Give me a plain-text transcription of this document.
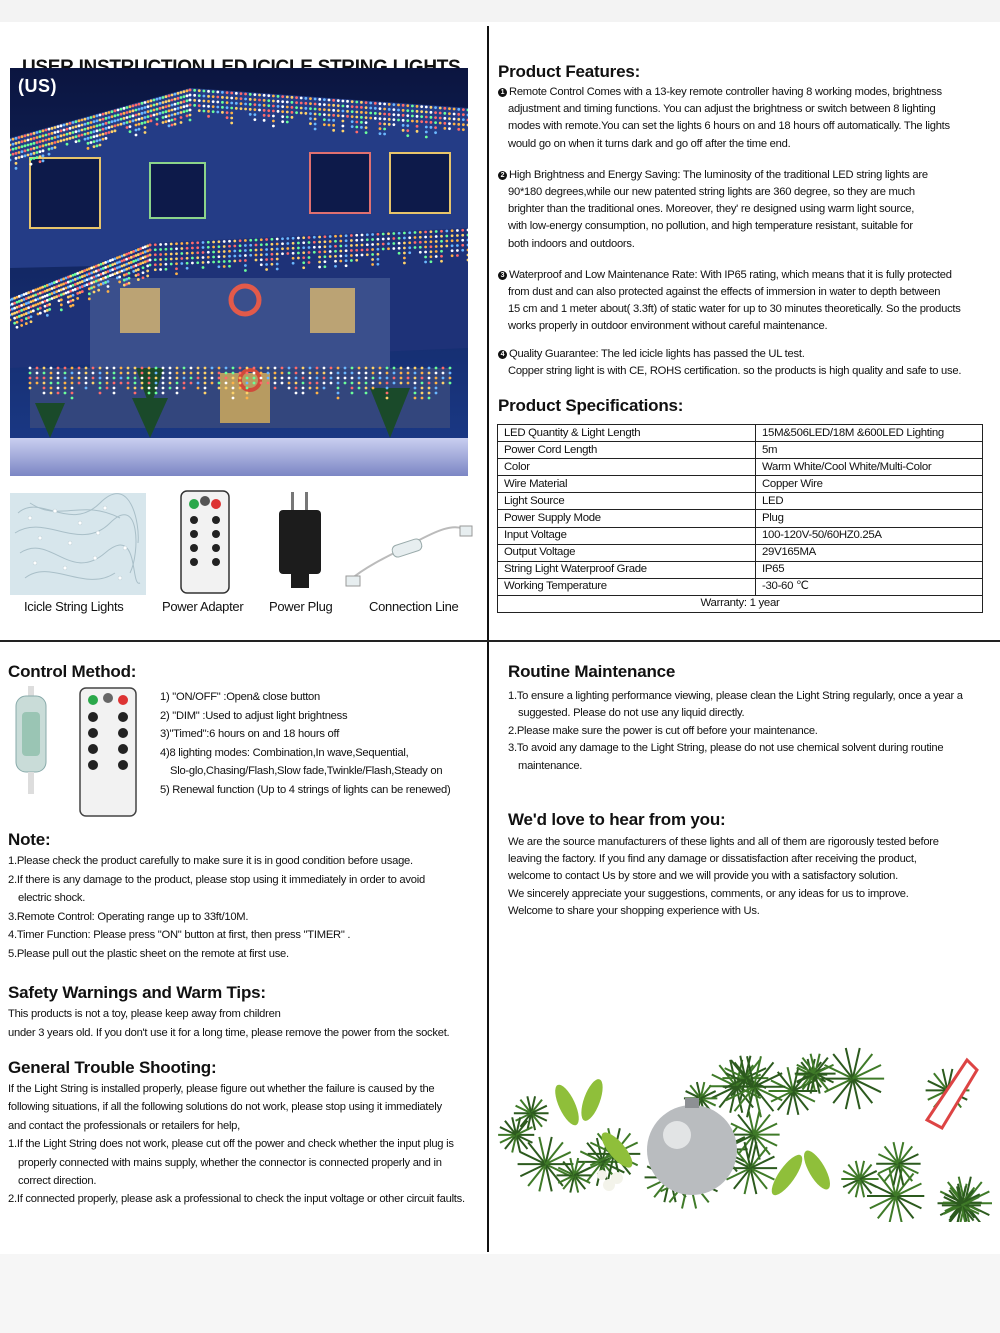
(US)
Icicle String Lights	Power Adapter Power Plug	Connection Line
Product Features:

1 Remote Control Comes with a 13-key remote controller having 8 working modes, brightness

adjustment and timing functions. You can adjust the brightness or switch between 8 lighting

modes with remote.You can set the lights 6 hours on and 18 hours off automatically. The lights

would go on when it turns dark and go off after the time end.

2 High Brightness and Energy Saving: The luminosity of the traditional LED string lights are

90*180 degrees,while our new patented string lights are 360 degree, so they are much

brighter than the traditional ones. Moreover, they' re designed using warm light source,

with low-energy consumption, no pollution, and high temperature resistant, suitable for

both indoors and outdoors.

3 Waterproof and Low Maintenance Rate: With IP65 rating, which means that it is fully protected

from dust and can also protected against the effects of immersion in water to depth between

15 cm and 1 meter about( 3.3ft) of static water for up to 30 minutes theoretically. So the products

works properly in outdoor environment without careful maintenance.

4 Quality Guarantee: The led icicle lights has passed the UL test.

Copper string light is with CE, ROHS certification. so the products is high quality and safe to use.

Product Specifications:
LED Quantity & Light Length	15M&506LED/18M &600LED Lighting
Power Cord Length	5m
Color	Warm White/Cool White/Multi-Color
Wire Material	Copper Wire
Light Source	LED
Power Supply Mode	Plug
Input Voltage	100-120V-50/60HZ0.25A
Output Voltage	29V165MA
String Light Waterproof Grade	IP65
Working Temperature	-30-60 ℃
Warranty: 1 year	
Control Method:

1) "ON/OFF" :Open& close button

2) "DIM" :Used to adjust light brightness

3)"Timed":6 hours on and 18 hours off

4)8 lighting modes: Combination,In wave,Sequential,

Slo-glo,Chasing/Flash,Slow fade,Twinkle/Flash,Steady on

5) Renewal function (Up to 4 strings of lights can be renewed)

Note:

1.Please check the product carefully to make sure it is in good condition before usage.

2.If there is any damage to the product, please stop using it immediately in order to avoid

electric shock.

3.Remote Control: Operating range up to 33ft/10M.

4.Timer Function: Please press "ON" button at first, then press "TIMER" .

5.Please pull out the plastic sheet on the remote at first use.

Safety Warnings and Warm Tips:

This products is not a toy, please keep away from children

under 3 years old. If you don't use it for a long time, please remove the power from the socket.

General Trouble Shooting:

If the Light String is installed properly, please figure out whether the failure is caused by the

following situations, if all the following solutions do not work, please stop using it immediately

and contact the professionals or retailers for help,

1.If the Light String does not work, please cut off the power and check whether the input plug is

properly connected with mains supply, whether the connector is connected properly and in

correct direction.

2.If connected properly, please ask a professional to check the input voltage or other circuit faults.

Routine Maintenance

1.To ensure a lighting performance viewing, please clean the Light String regularly, once a year a

suggested. Please do not use any liquid directly.

2.Please make sure the power is cut off before your maintenance.

3.To avoid any damage to the Light String, please do not use chemical solvent during routine

maintenance.

We'd love to hear from you:

We are the source manufacturers of these lights and all of them are rigorously tested before

leaving the factory. If you find any damage or dissatisfaction after receiving the product,

welcome to contact Us by store and we will provide you with a satisfactory solution.

We sincerely appreciate your suggestions, comments, or any ideas for us to improve.

Welcome to share your shopping experience with Us.
